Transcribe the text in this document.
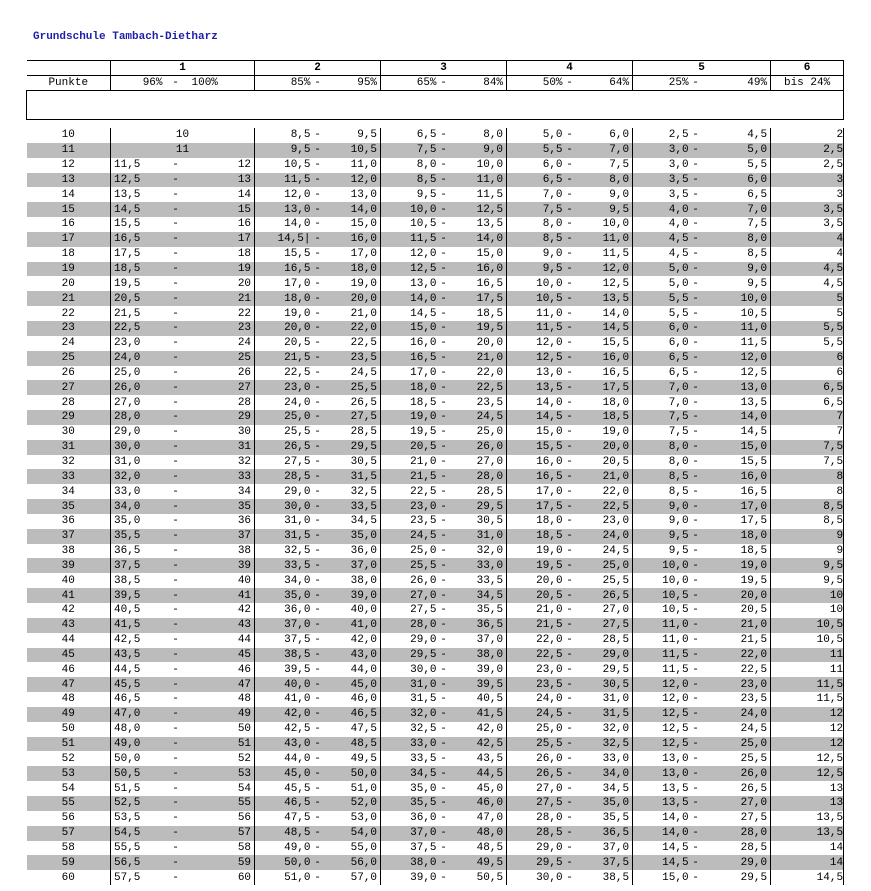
Grundschule Tambach-Dietharz
	1			2			3			4			5			6
Punkte	96%	-	100%	85%	-	95%	65%	-	84%	50%	-	64%	25%	-	49%	bis 24%

10	10			8,5	-	9,5	6,5	-	8,0	5,0	-	6,0	2,5	-	4,5	2
11	11			9,5	-	10,5	7,5	-	9,0	5,5	-	7,0	3,0	-	5,0	2,5
12	11,5	-	12	10,5	-	11,0	8,0	-	10,0	6,0	-	7,5	3,0	-	5,5	2,5
13	12,5	-	13	11,5	-	12,0	8,5	-	11,0	6,5	-	8,0	3,5	-	6,0	3
14	13,5	-	14	12,0	-	13,0	9,5	-	11,5	7,0	-	9,0	3,5	-	6,5	3
15	14,5	-	15	13,0	-	14,0	10,0	-	12,5	7,5	-	9,5	4,0	-	7,0	3,5
16	15,5	-	16	14,0	-	15,0	10,5	-	13,5	8,0	-	10,0	4,0	-	7,5	3,5
17	16,5	-	17	14,5|	-	16,0	11,5	-	14,0	8,5	-	11,0	4,5	-	8,0	4
18	17,5	-	18	15,5	-	17,0	12,0	-	15,0	9,0	-	11,5	4,5	-	8,5	4
19	18,5	-	19	16,5	-	18,0	12,5	-	16,0	9,5	-	12,0	5,0	-	9,0	4,5
20	19,5	-	20	17,0	-	19,0	13,0	-	16,5	10,0	-	12,5	5,0	-	9,5	4,5
21	20,5	-	21	18,0	-	20,0	14,0	-	17,5	10,5	-	13,5	5,5	-	10,0	5
22	21,5	-	22	19,0	-	21,0	14,5	-	18,5	11,0	-	14,0	5,5	-	10,5	5
23	22,5	-	23	20,0	-	22,0	15,0	-	19,5	11,5	-	14,5	6,0	-	11,0	5,5
24	23,0	-	24	20,5	-	22,5	16,0	-	20,0	12,0	-	15,5	6,0	-	11,5	5,5
25	24,0	-	25	21,5	-	23,5	16,5	-	21,0	12,5	-	16,0	6,5	-	12,0	6
26	25,0	-	26	22,5	-	24,5	17,0	-	22,0	13,0	-	16,5	6,5	-	12,5	6
27	26,0	-	27	23,0	-	25,5	18,0	-	22,5	13,5	-	17,5	7,0	-	13,0	6,5
28	27,0	-	28	24,0	-	26,5	18,5	-	23,5	14,0	-	18,0	7,0	-	13,5	6,5
29	28,0	-	29	25,0	-	27,5	19,0	-	24,5	14,5	-	18,5	7,5	-	14,0	7
30	29,0	-	30	25,5	-	28,5	19,5	-	25,0	15,0	-	19,0	7,5	-	14,5	7
31	30,0	-	31	26,5	-	29,5	20,5	-	26,0	15,5	-	20,0	8,0	-	15,0	7,5
32	31,0	-	32	27,5	-	30,5	21,0	-	27,0	16,0	-	20,5	8,0	-	15,5	7,5
33	32,0	-	33	28,5	-	31,5	21,5	-	28,0	16,5	-	21,0	8,5	-	16,0	8
34	33,0	-	34	29,0	-	32,5	22,5	-	28,5	17,0	-	22,0	8,5	-	16,5	8
35	34,0	-	35	30,0	-	33,5	23,0	-	29,5	17,5	-	22,5	9,0	-	17,0	8,5
36	35,0	-	36	31,0	-	34,5	23,5	-	30,5	18,0	-	23,0	9,0	-	17,5	8,5
37	35,5	-	37	31,5	-	35,0	24,5	-	31,0	18,5	-	24,0	9,5	-	18,0	9
38	36,5	-	38	32,5	-	36,0	25,0	-	32,0	19,0	-	24,5	9,5	-	18,5	9
39	37,5	-	39	33,5	-	37,0	25,5	-	33,0	19,5	-	25,0	10,0	-	19,0	9,5
40	38,5	-	40	34,0	-	38,0	26,0	-	33,5	20,0	-	25,5	10,0	-	19,5	9,5
41	39,5	-	41	35,0	-	39,0	27,0	-	34,5	20,5	-	26,5	10,5	-	20,0	10
42	40,5	-	42	36,0	-	40,0	27,5	-	35,5	21,0	-	27,0	10,5	-	20,5	10
43	41,5	-	43	37,0	-	41,0	28,0	-	36,5	21,5	-	27,5	11,0	-	21,0	10,5
44	42,5	-	44	37,5	-	42,0	29,0	-	37,0	22,0	-	28,5	11,0	-	21,5	10,5
45	43,5	-	45	38,5	-	43,0	29,5	-	38,0	22,5	-	29,0	11,5	-	22,0	11
46	44,5	-	46	39,5	-	44,0	30,0	-	39,0	23,0	-	29,5	11,5	-	22,5	11
47	45,5	-	47	40,0	-	45,0	31,0	-	39,5	23,5	-	30,5	12,0	-	23,0	11,5
48	46,5	-	48	41,0	-	46,0	31,5	-	40,5	24,0	-	31,0	12,0	-	23,5	11,5
49	47,0	-	49	42,0	-	46,5	32,0	-	41,5	24,5	-	31,5	12,5	-	24,0	12
50	48,0	-	50	42,5	-	47,5	32,5	-	42,0	25,0	-	32,0	12,5	-	24,5	12
51	49,0	-	51	43,0	-	48,5	33,0	-	42,5	25,5	-	32,5	12,5	-	25,0	12
52	50,0	-	52	44,0	-	49,5	33,5	-	43,5	26,0	-	33,0	13,0	-	25,5	12,5
53	50,5	-	53	45,0	-	50,0	34,5	-	44,5	26,5	-	34,0	13,0	-	26,0	12,5
54	51,5	-	54	45,5	-	51,0	35,0	-	45,0	27,0	-	34,5	13,5	-	26,5	13
55	52,5	-	55	46,5	-	52,0	35,5	-	46,0	27,5	-	35,0	13,5	-	27,0	13
56	53,5	-	56	47,5	-	53,0	36,0	-	47,0	28,0	-	35,5	14,0	-	27,5	13,5
57	54,5	-	57	48,5	-	54,0	37,0	-	48,0	28,5	-	36,5	14,0	-	28,0	13,5
58	55,5	-	58	49,0	-	55,0	37,5	-	48,5	29,0	-	37,0	14,5	-	28,5	14
59	56,5	-	59	50,0	-	56,0	38,0	-	49,5	29,5	-	37,5	14,5	-	29,0	14
60	57,5	-	60	51,0	-	57,0	39,0	-	50,5	30,0	-	38,5	15,0	-	29,5	14,5
